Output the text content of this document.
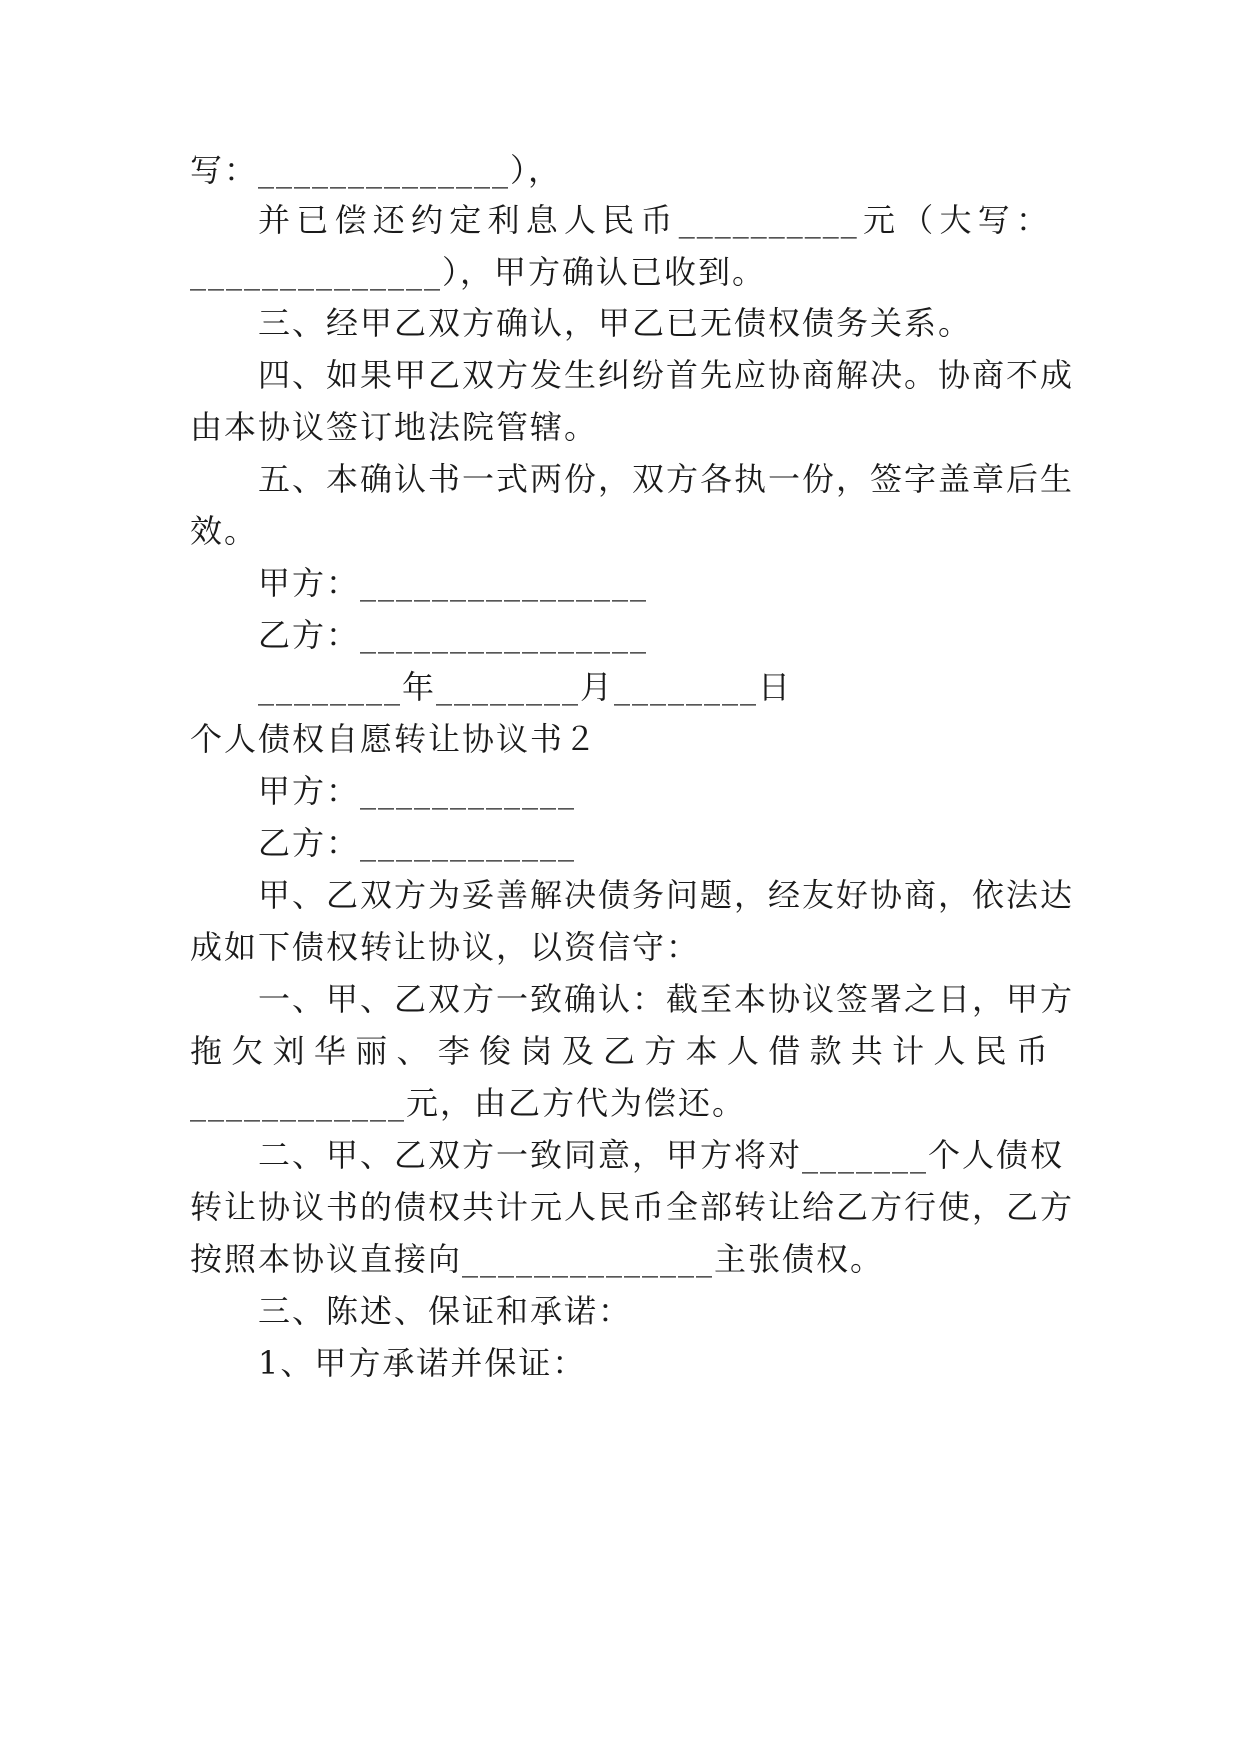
写：______________），
并已偿还约定利息人民币__________元（大写：
______________），甲方确认已收到。
三、经甲乙双方确认，甲乙已无债权债务关系。
四、如果甲乙双方发生纠纷首先应协商解决。协商不成
由本协议签订地法院管辖。
五、本确认书一式两份，双方各执一份，签字盖章后生
效。
甲方：________________
乙方：________________
________年________月________日
个人债权自愿转让协议书２
甲方：____________
乙方：____________
甲、乙双方为妥善解决债务问题，经友好协商，依法达
成如下债权转让协议，以资信守：
一、甲、乙双方一致确认：截至本协议签署之日，甲方
拖欠刘华丽、李俊岗及乙方本人借款共计人民币
____________元，由乙方代为偿还。
二、甲、乙双方一致同意，甲方将对_______个人债权
转让协议书的债权共计元人民币全部转让给乙方行使，乙方
按照本协议直接向______________主张债权。
三、陈述、保证和承诺：
1、甲方承诺并保证：
